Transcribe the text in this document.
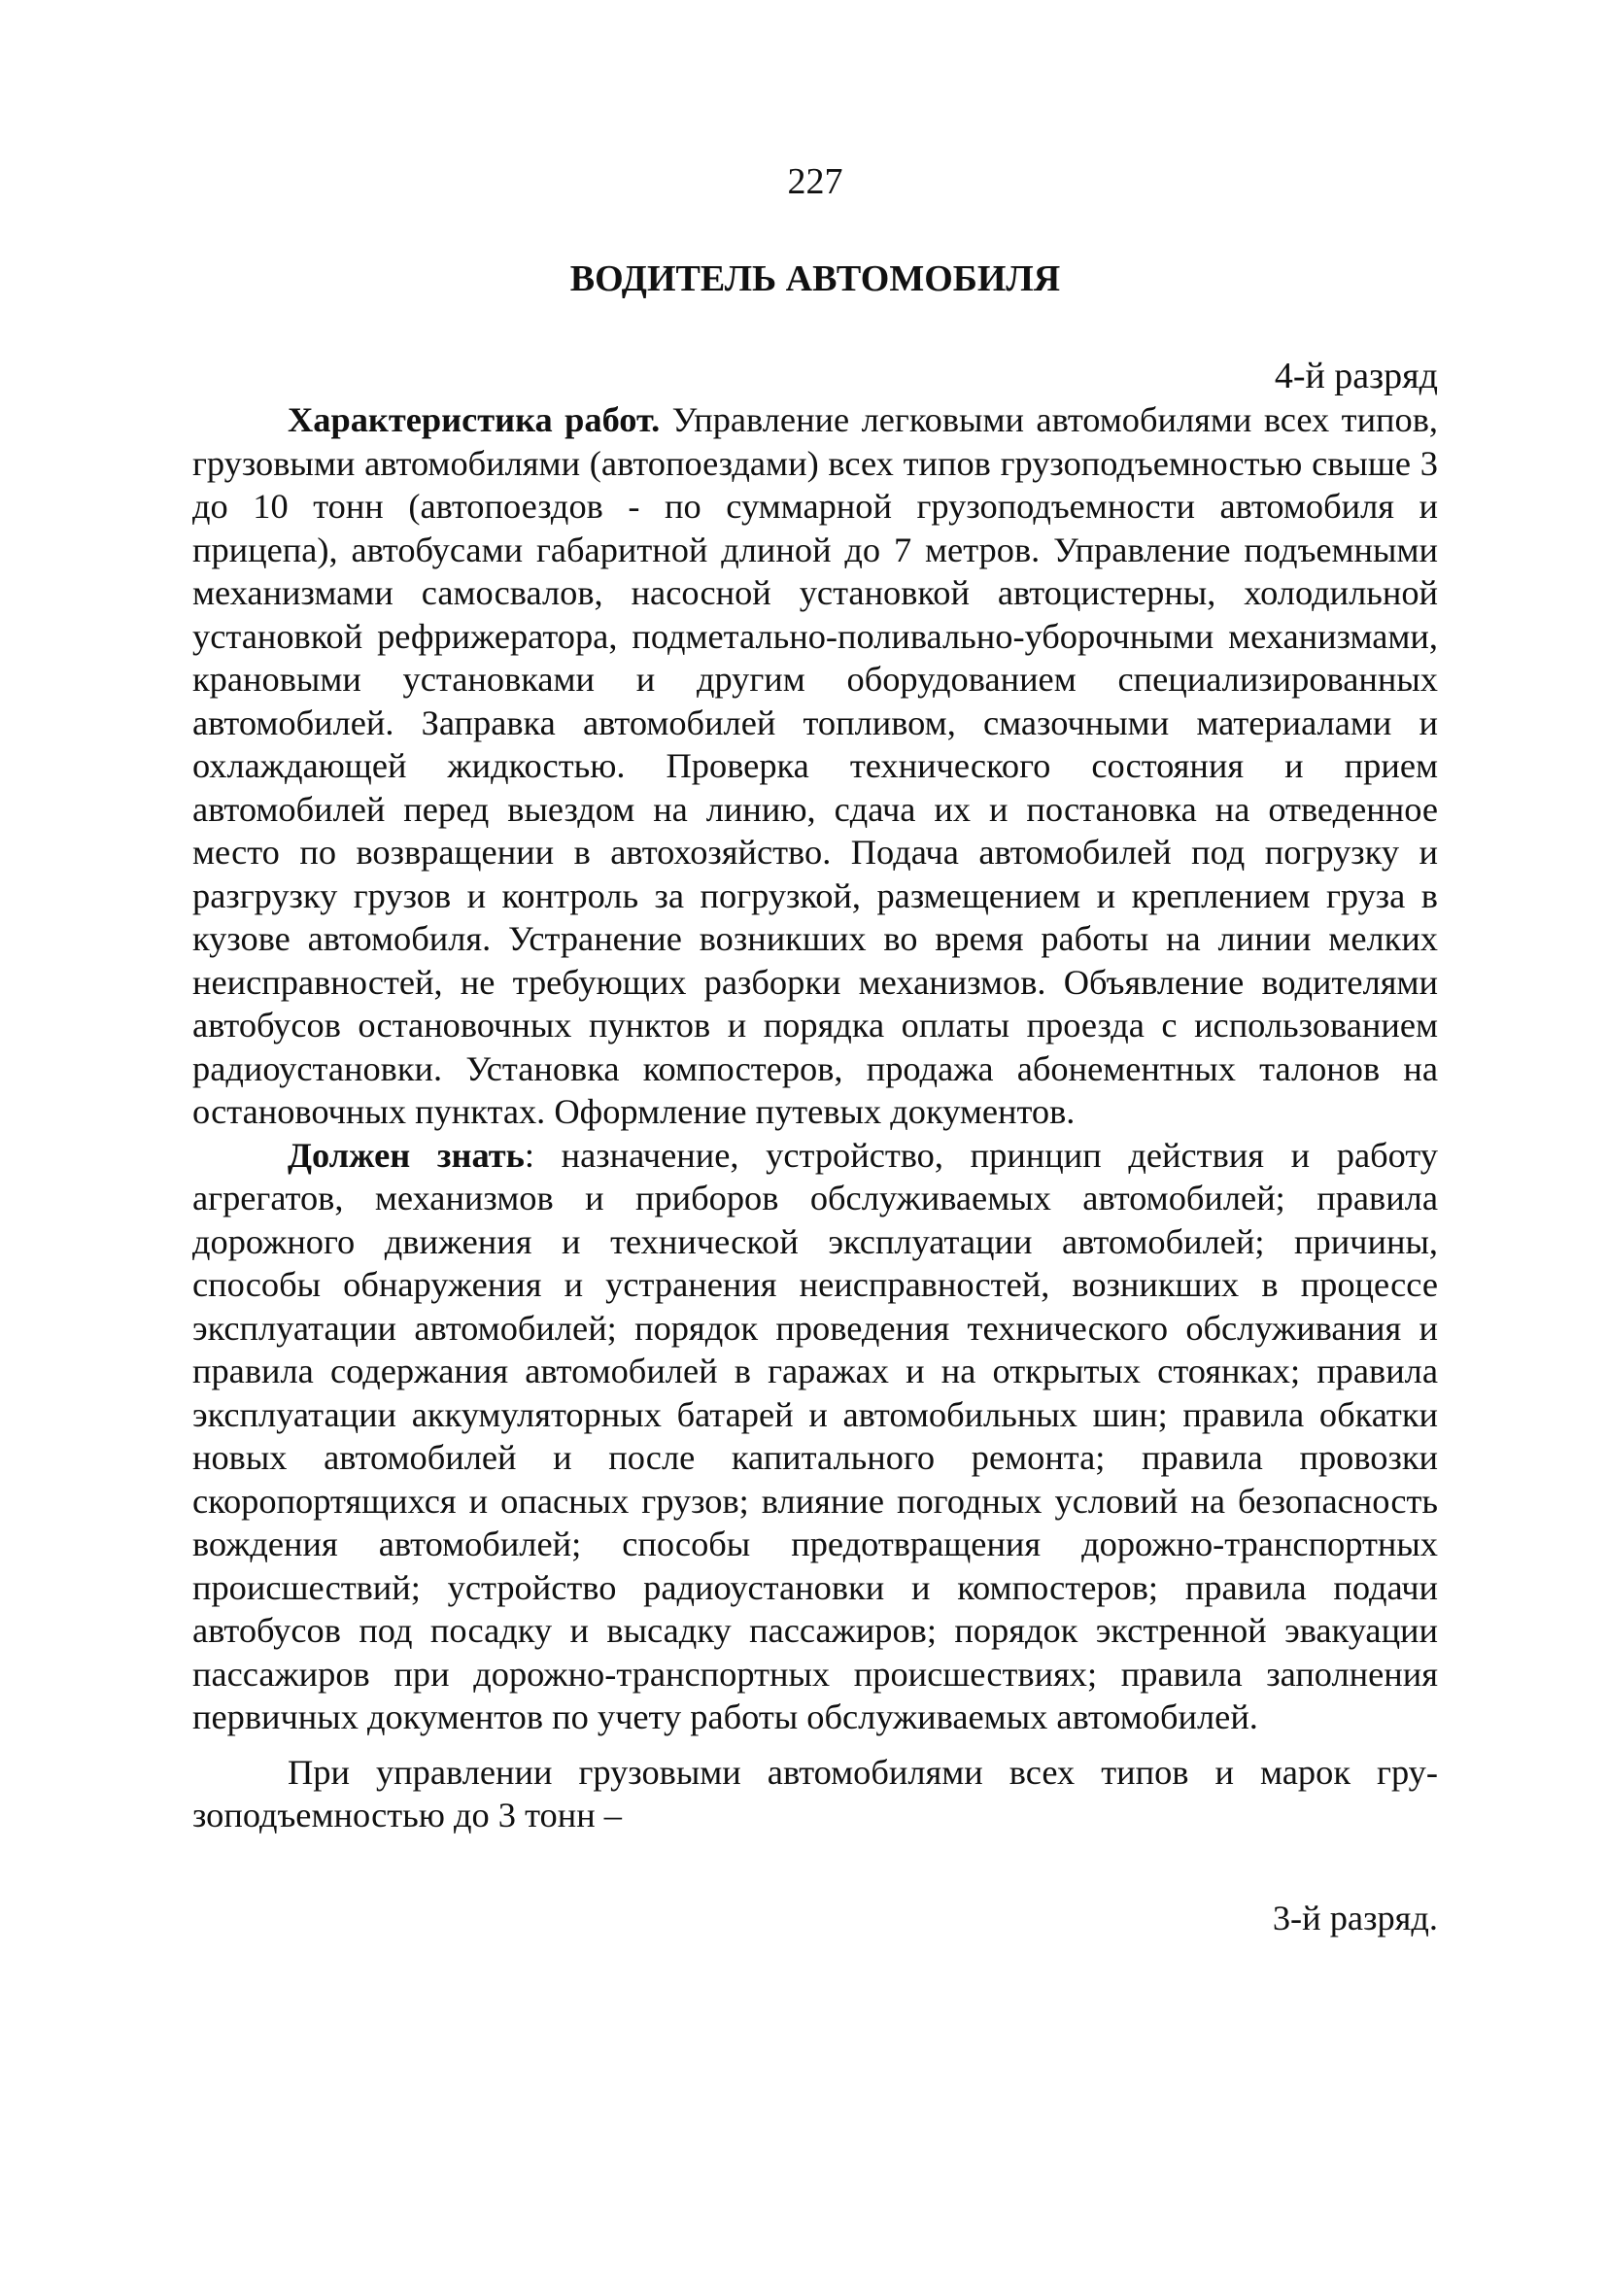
227
ВОДИТЕЛЬ АВТОМОБИЛЯ
4-й разряд

Характеристика работ. Управление легковыми автомобилями всех типов, грузовыми автомобилями (автопоездами) всех типов грузоподъемностью свыше 3 до 10 тонн (автопоездов - по суммарной грузоподъемности автомобиля и прицепа), автобусами габаритной длиной до 7 метров. Управление подъемными механизмами самосвалов, насосной установкой автоцистерны, холодильной установкой рефрижератора, подметально-поливально-уборочными механизмами, крановыми установками и другим оборудованием специализированных автомобилей. Заправка автомобилей топливом, смазочными материалами и охлаждающей жидкостью. Проверка технического состояния и прием автомобилей перед выездом на линию, сдача их и постановка на отведенное место по возвращении в автохозяйство. Подача автомобилей под погрузку и разгрузку грузов и контроль за погрузкой, размещением и креплением груза в кузове автомобиля. Устранение возникших во время работы на линии мелких неисправностей, не требующих разборки механизмов. Объявление водителями автобусов остановочных пунктов и порядка оплаты проезда с использованием радиоустановки. Установка компостеров, продажа абонементных талонов на остановочных пунктах. Оформление путевых документов.

Должен знать: назначение, устройство, принцип действия и работу агрегатов, механизмов и приборов обслуживаемых автомобилей; правила дорожного движения и технической эксплуатации автомобилей; причины, способы обнаружения и устранения неисправностей, возникших в процессе эксплуатации автомобилей; порядок проведения технического обслуживания и правила содержания автомобилей в гаражах и на открытых стоянках; правила эксплуатации аккумуляторных батарей и автомобильных шин; правила обкатки новых автомобилей и после капитального ремонта; правила провозки скоропортящихся и опасных грузов; влияние погодных условий на безопасность вождения автомобилей; способы предотвращения дорожно-транспортных происшествий; устройство радиоустановки и компостеров; правила подачи автобусов под посадку и высадку пассажиров; порядок экстренной эвакуации пассажиров при дорожно-транспортных происшествиях; правила заполнения первичных документов по учету работы обслуживаемых автомобилей.

При управлении грузовыми автомобилями всех типов и марок грузоподъемностью до 3 тонн –

3-й разряд.
